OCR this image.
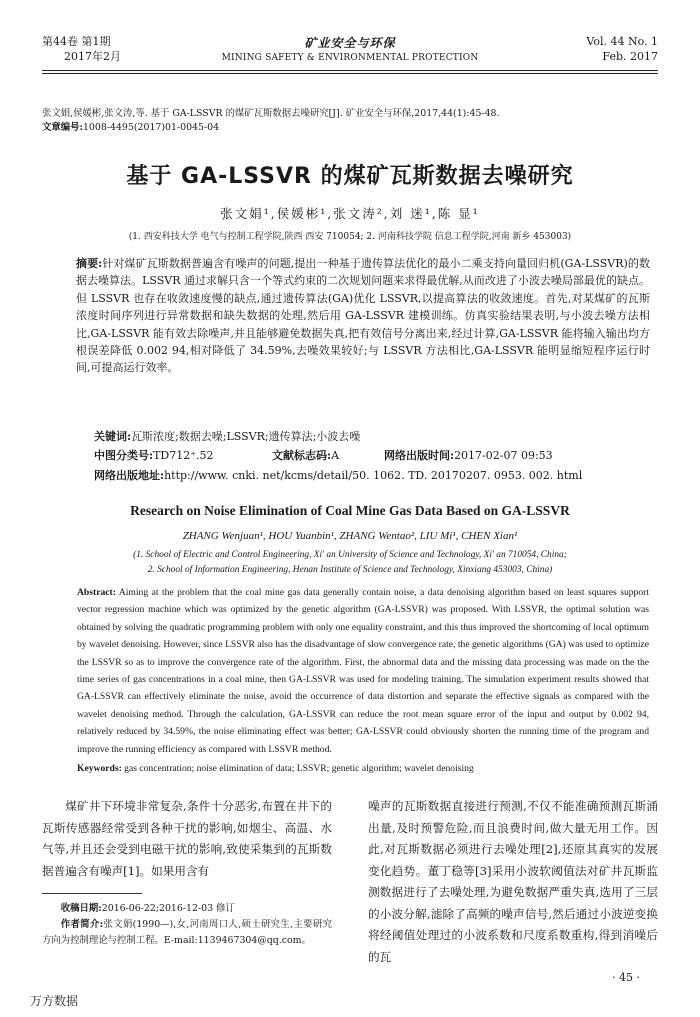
第44卷 第1期
2017年2月
矿业安全与环保
MINING SAFETY & ENVIRONMENTAL PROTECTION
Vol. 44 No. 1
Feb. 2017
张文娟,侯媛彬,张文涛,等. 基于 GA-LSSVR 的煤矿瓦斯数据去噪研究[J]. 矿业安全与环保,2017,44(1):45-48.
文章编号:1008-4495(2017)01-0045-04
基于 GA-LSSVR 的煤矿瓦斯数据去噪研究
张文娟¹,侯媛彬¹,张文涛²,刘 迷¹,陈 显¹
(1. 西安科技大学 电气与控制工程学院,陕西 西安 710054; 2. 河南科技学院 信息工程学院,河南 新乡 453003)
摘要:针对煤矿瓦斯数据普遍含有噪声的问题,提出一种基于遗传算法优化的最小二乘支持向量回归机(GA-LSSVR)的数据去噪算法。LSSVR 通过求解只含一个等式约束的二次规划问题来求得最优解,从而改进了小波去噪局部最优的缺点。但 LSSVR 也存在收敛速度慢的缺点,通过遗传算法(GA)优化 LSSVR,以提高算法的收敛速度。首先,对某煤矿的瓦斯浓度时间序列进行异常数据和缺失数据的处理,然后用 GA-LSSVR 建模训练。仿真实验结果表明,与小波去噪方法相比,GA-LSSVR 能有效去除噪声,并且能够避免数据失真,把有效信号分离出来,经过计算,GA-LSSVR 能将输入输出均方根误差降低 0.002 94,相对降低了 34.59%,去噪效果较好;与 LSSVR 方法相比,GA-LSSVR 能明显缩短程序运行时间,可提高运行效率。
关键词:瓦斯浓度;数据去噪;LSSVR;遗传算法;小波去噪
中图分类号:TD712⁺.52	文献标志码:A	网络出版时间:2017-02-07 09:53
网络出版地址:http://www. cnki. net/kcms/detail/50. 1062. TD. 20170207. 0953. 002. html
Research on Noise Elimination of Coal Mine Gas Data Based on GA-LSSVR
ZHANG Wenjuan¹, HOU Yuanbin¹, ZHANG Wentao², LIU Mi¹, CHEN Xian¹
(1. School of Electric and Control Engineering, Xi' an University of Science and Technology, Xi' an 710054, China;
2. School of Information Engineering, Henan Institute of Science and Technology, Xinxiang 453003, China)
Abstract: Aiming at the problem that the coal mine gas data generally contain noise, a data denoising algorithm based on least squares support vector regression machine which was optimized by the genetic algorithm (GA-LSSVR) was proposed. With LSSVR, the optimal solution was obtained by solving the quadratic programming problem with only one equality constraint, and this thus improved the shortcoming of local optimum by wavelet denoising. However, since LSSVR also has the disadvantage of slow convergence rate, the genetic algorithms (GA) was used to optimize the LSSVR so as to improve the convergence rate of the algorithm. First, the abnormal data and the missing data processing was made on the the time series of gas concentrations in a coal mine, then GA-LSSVR was used for modeling training. The simulation experiment results showed that GA-LSSVR can effectively eliminate the noise, avoid the occurrence of data distortion and separate the effective signals as compared with the wavelet denoising method. Through the calculation, GA-LSSVR can reduce the root mean square error of the input and output by 0.002 94, relatively reduced by 34.59%, the noise eliminating effect was better; GA-LSSVR could obviously shorten the running time of the program and improve the running efficiency as compared with LSSVR method.
Keywords: gas concentration; noise elimination of data; LSSVR; genetic algorithm; wavelet denoising
煤矿井下环境非常复杂,条件十分恶劣,布置在井下的瓦斯传感器经常受到各种干扰的影响,如烟尘、高温、水气等,并且还会受到电磁干扰的影响,致使采集到的瓦斯数据普遍含有噪声[1]。如果用含有
噪声的瓦斯数据直接进行预测,不仅不能准确预测瓦斯涌出量,及时预警危险,而且浪费时间,做大量无用工作。因此,对瓦斯数据必须进行去噪处理[2],还原其真实的发展变化趋势。董丁稳等[3]采用小波软阈值法对矿井瓦斯监测数据进行了去噪处理,为避免数据严重失真,选用了三层的小波分解,滤除了高频的噪声信号,然后通过小波逆变换将经阈值处理过的小波系数和尺度系数重构,得到消噪后的瓦
收稿日期:2016-06-22;2016-12-03 修订
作者简介:张文娟(1990—),女,河南周口人,硕士研究生,主要研究方向为控制理论与控制工程。E-mail:1139467304@qq.com。
· 45 ·
万方数据
